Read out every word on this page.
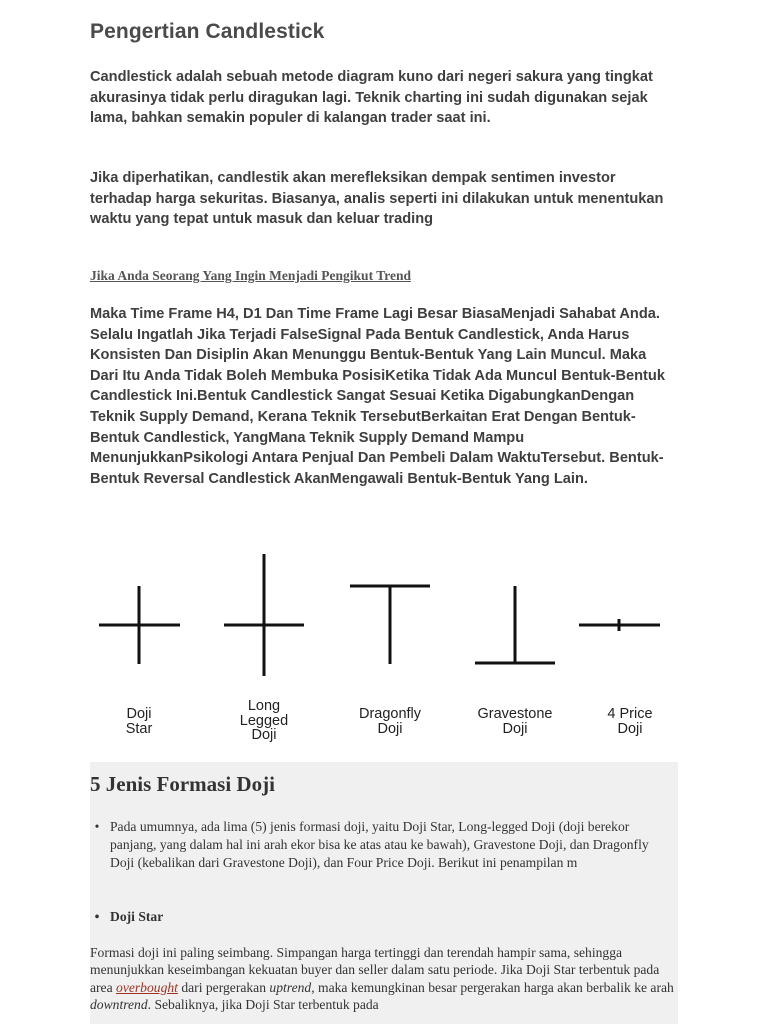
Pengertian Candlestick

Candlestick adalah sebuah metode diagram kuno dari negeri sakura yang tingkat akurasinya tidak perlu diragukan lagi. Teknik charting ini sudah digunakan sejak lama, bahkan semakin populer di kalangan trader saat ini.

Jika diperhatikan, candlestik akan merefleksikan dempak sentimen investor terhadap harga sekuritas. Biasanya, analis seperti ini dilakukan untuk menentukan waktu yang tepat untuk masuk dan keluar trading

Jika Anda Seorang Yang Ingin Menjadi Pengikut Trend

Maka Time Frame H4, D1 Dan Time Frame Lagi Besar BiasaMenjadi Sahabat Anda. Selalu Ingatlah Jika Terjadi FalseSignal Pada Bentuk Candlestick, Anda Harus Konsisten Dan Disiplin Akan Menunggu Bentuk-Bentuk Yang Lain Muncul. Maka Dari Itu Anda Tidak Boleh Membuka PosisiKetika Tidak Ada Muncul Bentuk-Bentuk Candlestick Ini.Bentuk Candlestick Sangat Sesuai Ketika DigabungkanDengan Teknik Supply Demand, Kerana Teknik TersebutBerkaitan Erat Dengan Bentuk-Bentuk Candlestick, YangMana Teknik Supply Demand Mampu MenunjukkanPsikologi Antara Penjual Dan Pembeli Dalam WaktuTersebut. Bentuk-Bentuk Reversal Candlestick AkanMengawali Bentuk-Bentuk Yang Lain.

Doji
Star
Long
Legged
Doji
Dragonfly
Doji
Gravestone
Doji
4 Price
Doji
5 Jenis Formasi Doji
• Pada umumnya, ada lima (5) jenis formasi doji, yaitu Doji Star, Long-legged Doji (doji berekor panjang, yang dalam hal ini arah ekor bisa ke atas atau ke bawah), Gravestone Doji, dan Dragonfly Doji (kebalikan dari Gravestone Doji), dan Four Price Doji. Berikut ini penampilan m
• Doji Star
Formasi doji ini paling seimbang. Simpangan harga tertinggi dan terendah hampir sama, sehingga menunjukkan keseimbangan kekuatan buyer dan seller dalam satu periode. Jika Doji Star terbentuk pada area overbought dari pergerakan uptrend, maka kemungkinan besar pergerakan harga akan berbalik ke arah downtrend. Sebaliknya, jika Doji Star terbentuk pada
